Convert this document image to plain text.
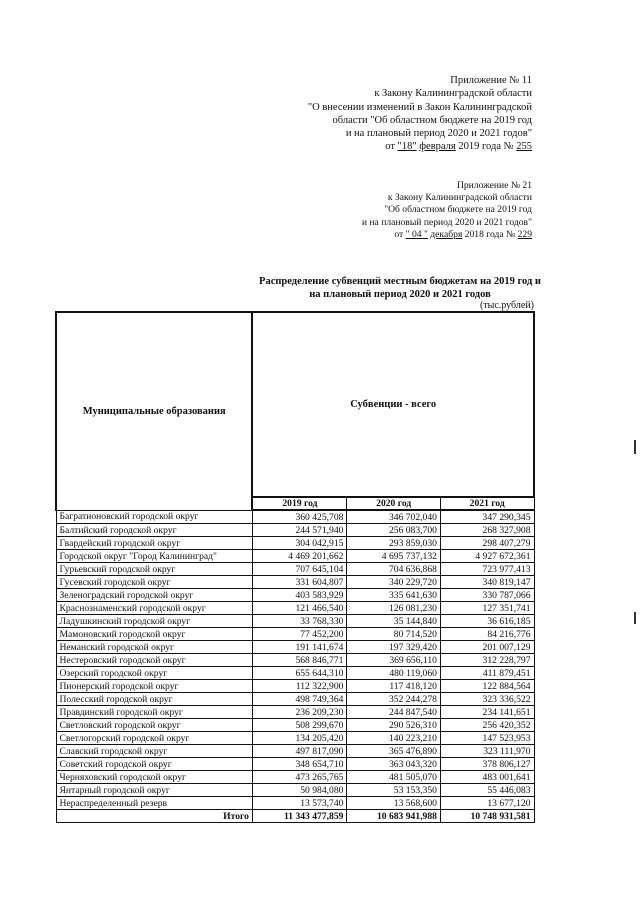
Приложение № 11
к Закону Калининградской области
"О внесении изменений в Закон Калининградской
области "Об областном бюджете на 2019 год
и на плановый период 2020 и 2021 годов"
от "18" февраля 2019 года № 255
Приложение № 21
к Закону Калининградской области
"Об областном бюджете на 2019 год
и на плановый период 2020 и 2021 годов"
от " 04 " декабря 2018 года № 229
Распределение субвенций местным бюджетам на 2019 год и
на плановый период 2020 и 2021 годов
(тыс.рублей)
Муниципальные образования	Субвенции - всего		
	2019 год	2020 год	2021 год
Багратионовский городской округ	360 425,708	346 702,040	347 290,345
Балтийский городской округ	244 571,940	256 083,700	268 327,908
Гвардейский городской округ	304 042,915	293 859,030	298 407,279
Городской округ "Город Калининград"	4 469 201,662	4 695 737,132	4 927 672,361
Гурьевский городской округ	707 645,104	704 636,868	723 977,413
Гусевский городской округ	331 604,807	340 229,720	340 819,147
Зеленоградский городской округ	403 583,929	335 641,630	330 787,066
Краснознаменский городской округ	121 466,540	126 081,230	127 351,741
Ладушкинский городской округ	33 768,330	35 144,840	36 616,185
Мамоновский городской округ	77 452,200	80 714,520	84 216,776
Неманский городской округ	191 141,674	197 329,420	201 007,129
Нестеровский городской округ	568 846,771	369 656,110	312 228,797
Озерский городской округ	655 644,310	480 119,060	411 879,451
Пионерский городской округ	112 322,900	117 418,120	122 884,564
Полесский городской округ	498 749,364	352 244,278	323 336,522
Правдинский городской округ	236 209,230	244 847,540	234 141,651
Светловский городской округ	508 299,670	290 526,310	256 420,352
Светлогорский городской округ	134 205,420	140 223,210	147 523,953
Славский городской округ	497 817,090	365 476,890	323 111,970
Советский городской округ	348 654,710	363 043,320	378 806,127
Черняховский городской округ	473 265,765	481 505,070	483 001,641
Янтарный городской округ	50 984,080	53 153,350	55 446,083
Нераспределенный резерв	13 573,740	13 568,600	13 677,120
Итого	11 343 477,859	10 683 941,988	10 748 931,581
